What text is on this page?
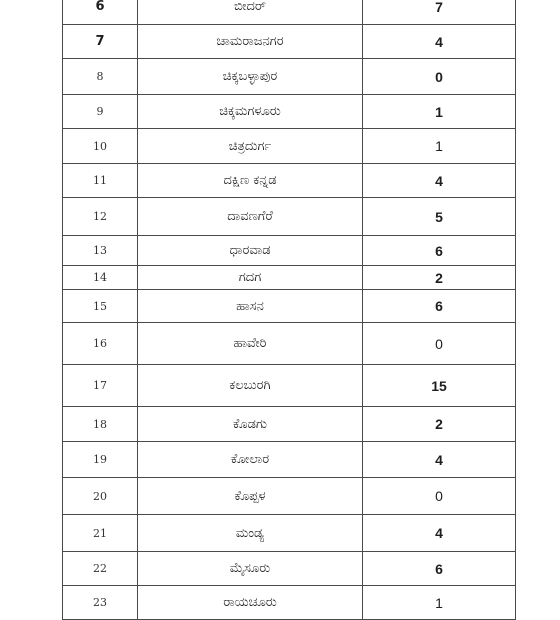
6	ಬೀದರ್	7
7	ಚಾಮರಾಜನಗರ	4
8	ಚಿಕ್ಕಬಳ್ಳಾಪುರ	0
9	ಚಿಕ್ಕಮಗಳೂರು	1
10	ಚಿತ್ರದುರ್ಗ	1
11	ದಕ್ಷಿಣ ಕನ್ನಡ	4
12	ದಾವಣಗೆರೆ	5
13	ಧಾರವಾಡ	6
14	ಗದಗ	2
15	ಹಾಸನ	6
16	ಹಾವೇರಿ	0
17	ಕಲಬುರಗಿ	15
18	ಕೊಡಗು	2
19	ಕೋಲಾರ	4
20	ಕೊಪ್ಪಳ	0
21	ಮಂಡ್ಯ	4
22	ಮೈಸೂರು	6
23	ರಾಯಚೂರು	1
